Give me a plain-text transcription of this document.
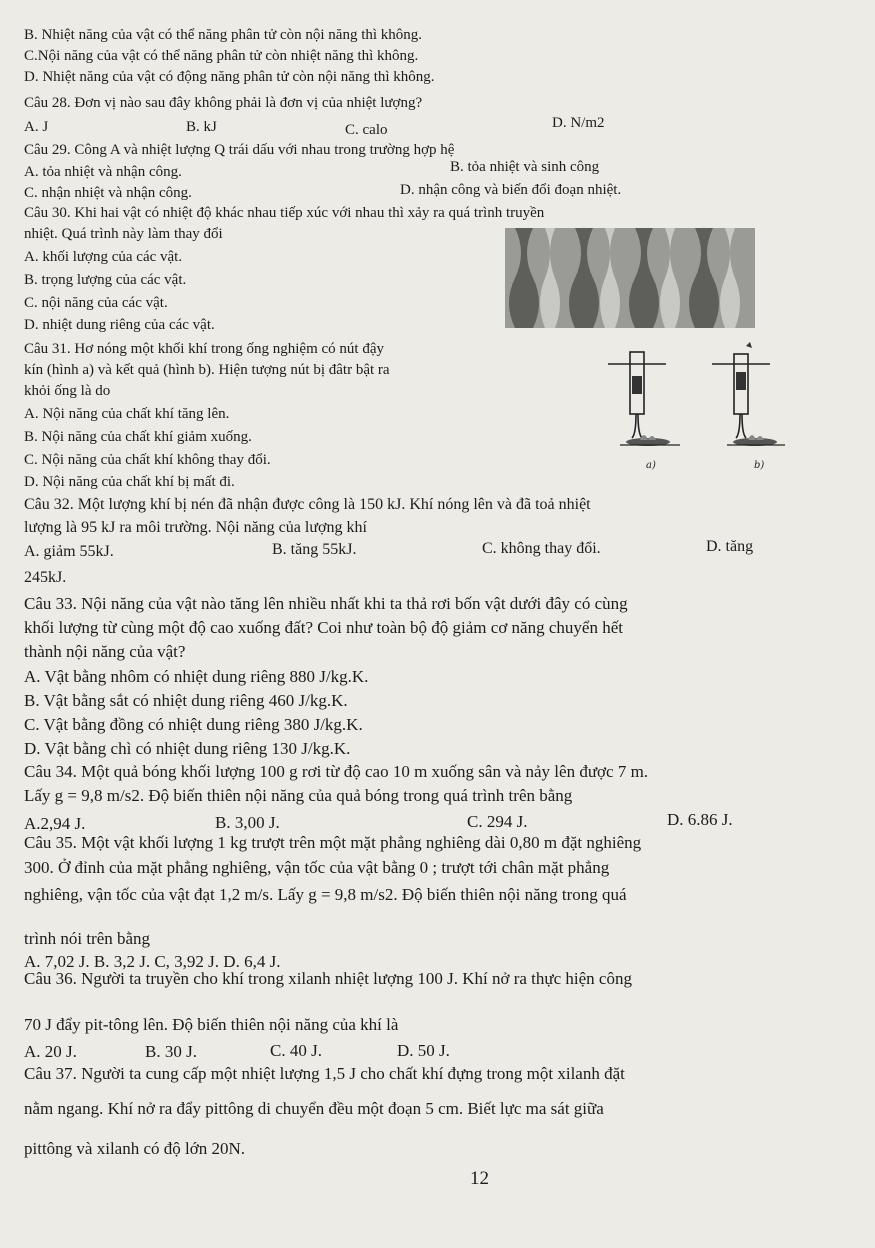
B. Nhiệt năng của vật có thể năng phân tử còn nội năng thì không.
C.Nội năng của vật có thể năng phân tử còn nhiệt năng thì không.
D. Nhiệt năng của vật có động năng phân tử còn nội năng thì không.
Câu 28. Đơn vị nào sau đây không phải là đơn vị của nhiệt lượng?
A. J	B. kJ	C. calo	D. N/m2
Câu 29. Công A và nhiệt lượng Q trái dấu với nhau trong trường hợp hệ
A. tỏa nhiệt và nhận công.	B. tỏa nhiệt và sinh công
C. nhận nhiệt và nhận công.	D. nhận công và biến đổi đoạn nhiệt.
Câu 30. Khi hai vật có nhiệt độ khác nhau tiếp xúc với nhau thì xảy ra quá trình truyền
nhiệt. Quá trình này làm thay đổi
A. khối lượng của các vật.
B. trọng lượng của các vật.
C. nội năng của các vật.
D. nhiệt dung riêng của các vật.
Câu 31. Hơ nóng một khối khí trong ống nghiệm có nút đậy
kín (hình a) và kết quả (hình b). Hiện tượng nút bị đâtr bật ra
khỏi ống là do
A. Nội năng của chất khí tăng lên.
B. Nội năng của chất khí giảm xuống.
C. Nội năng của chất khí không thay đổi.
D. Nội năng của chất khí bị mất đi.
a)	b)
Câu 32. Một lượng khí bị nén đã nhận được công là 150 kJ. Khí nóng lên và đã toả nhiệt
lượng là 95 kJ ra môi trường. Nội năng của lượng khí
A. giảm 55kJ.	B. tăng 55kJ.	C. không thay đổi.	D. tăng
245kJ.
Câu 33. Nội năng của vật nào tăng lên nhiều nhất khi ta thả rơi bốn vật dưới đây có cùng
khối lượng từ cùng một độ cao xuống đất? Coi như toàn bộ độ giảm cơ năng chuyển hết
thành nội năng của vật?
A. Vật bằng nhôm có nhiệt dung riêng 880 J/kg.K.
B. Vật bằng sắt có nhiệt dung riêng 460 J/kg.K.
C. Vật bằng đồng có nhiệt dung riêng 380 J/kg.K.
D. Vật bằng chì có nhiệt dung riêng 130 J/kg.K.
Câu 34. Một quả bóng khối lượng 100 g rơi từ độ cao 10 m xuống sân và nảy lên được 7 m.
Lấy g = 9,8 m/s2. Độ biến thiên nội năng của quả bóng trong quá trình trên bằng
A.2,94 J.	B. 3,00 J.	C. 294 J.	D. 6.86 J.
Câu 35. Một vật khối lượng 1 kg trượt trên một mặt phẳng nghiêng dài 0,80 m đặt nghiêng
300. Ở đỉnh của mặt phẳng nghiêng, vận tốc của vật bằng 0 ; trượt tới chân mặt phẳng
nghiêng, vận tốc của vật đạt 1,2 m/s. Lấy g = 9,8 m/s2. Độ biến thiên nội năng trong quá
trình nói trên bằng
A. 7,02 J. B. 3,2 J. C, 3,92 J. D. 6,4 J.
Câu 36. Người ta truyền cho khí trong xilanh nhiệt lượng 100 J. Khí nở ra thực hiện công
70 J đẩy pit-tông lên. Độ biến thiên nội năng của khí là
A. 20 J.	B. 30 J.	C. 40 J.	D. 50 J.
Câu 37. Người ta cung cấp một nhiệt lượng 1,5 J cho chất khí đựng trong một xilanh đặt
nằm ngang. Khí nở ra đẩy pittông di chuyển đều một đoạn 5 cm. Biết lực ma sát giữa
pittông và xilanh có độ lớn 20N.
12
